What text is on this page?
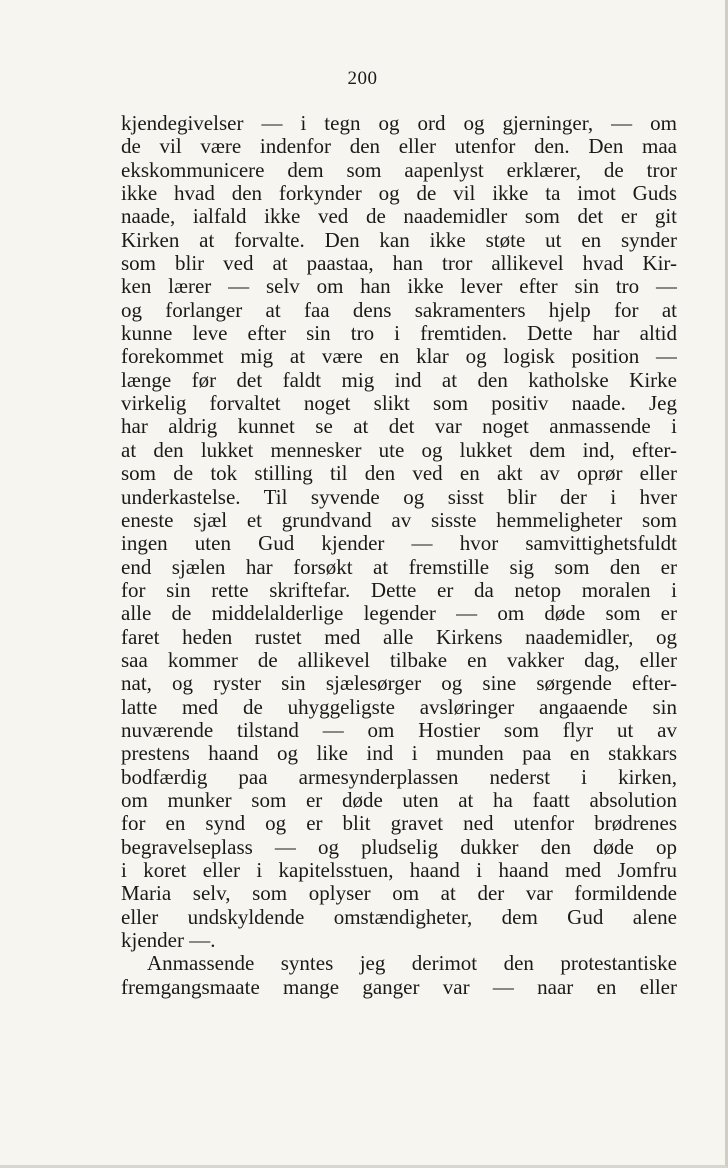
200
kjendegivelser — i tegn og ord og gjerninger, — om
de vil være indenfor den eller utenfor den. Den maa
ekskommunicere dem som aapenlyst erklærer, de tror
ikke hvad den forkynder og de vil ikke ta imot Guds
naade, ialfald ikke ved de naademidler som det er git
Kirken at forvalte. Den kan ikke støte ut en synder
som blir ved at paastaa, han tror allikevel hvad Kir-
ken lærer — selv om han ikke lever efter sin tro —
og forlanger at faa dens sakramenters hjelp for at
kunne leve efter sin tro i fremtiden. Dette har altid
forekommet mig at være en klar og logisk position —
længe før det faldt mig ind at den katholske Kirke
virkelig forvaltet noget slikt som positiv naade. Jeg
har aldrig kunnet se at det var noget anmassende i
at den lukket mennesker ute og lukket dem ind, efter-
som de tok stilling til den ved en akt av oprør eller
underkastelse. Til syvende og sisst blir der i hver
eneste sjæl et grundvand av sisste hemmeligheter som
ingen uten Gud kjender — hvor samvittighetsfuldt
end sjælen har forsøkt at fremstille sig som den er
for sin rette skriftefar. Dette er da netop moralen i
alle de middelalderlige legender — om døde som er
faret heden rustet med alle Kirkens naademidler, og
saa kommer de allikevel tilbake en vakker dag, eller
nat, og ryster sin sjælesørger og sine sørgende efter-
latte med de uhyggeligste avsløringer angaaende sin
nuværende tilstand — om Hostier som flyr ut av
prestens haand og like ind i munden paa en stakkars
bodfærdig paa armesynderplassen nederst i kirken,
om munker som er døde uten at ha faatt absolution
for en synd og er blit gravet ned utenfor brødrenes
begravelseplass — og pludselig dukker den døde op
i koret eller i kapitelsstuen, haand i haand med Jomfru
Maria selv, som oplyser om at der var formildende
eller undskyldende omstændigheter, dem Gud alene
kjender —.
Anmassende syntes jeg derimot den protestantiske
fremgangsmaate mange ganger var — naar en eller
